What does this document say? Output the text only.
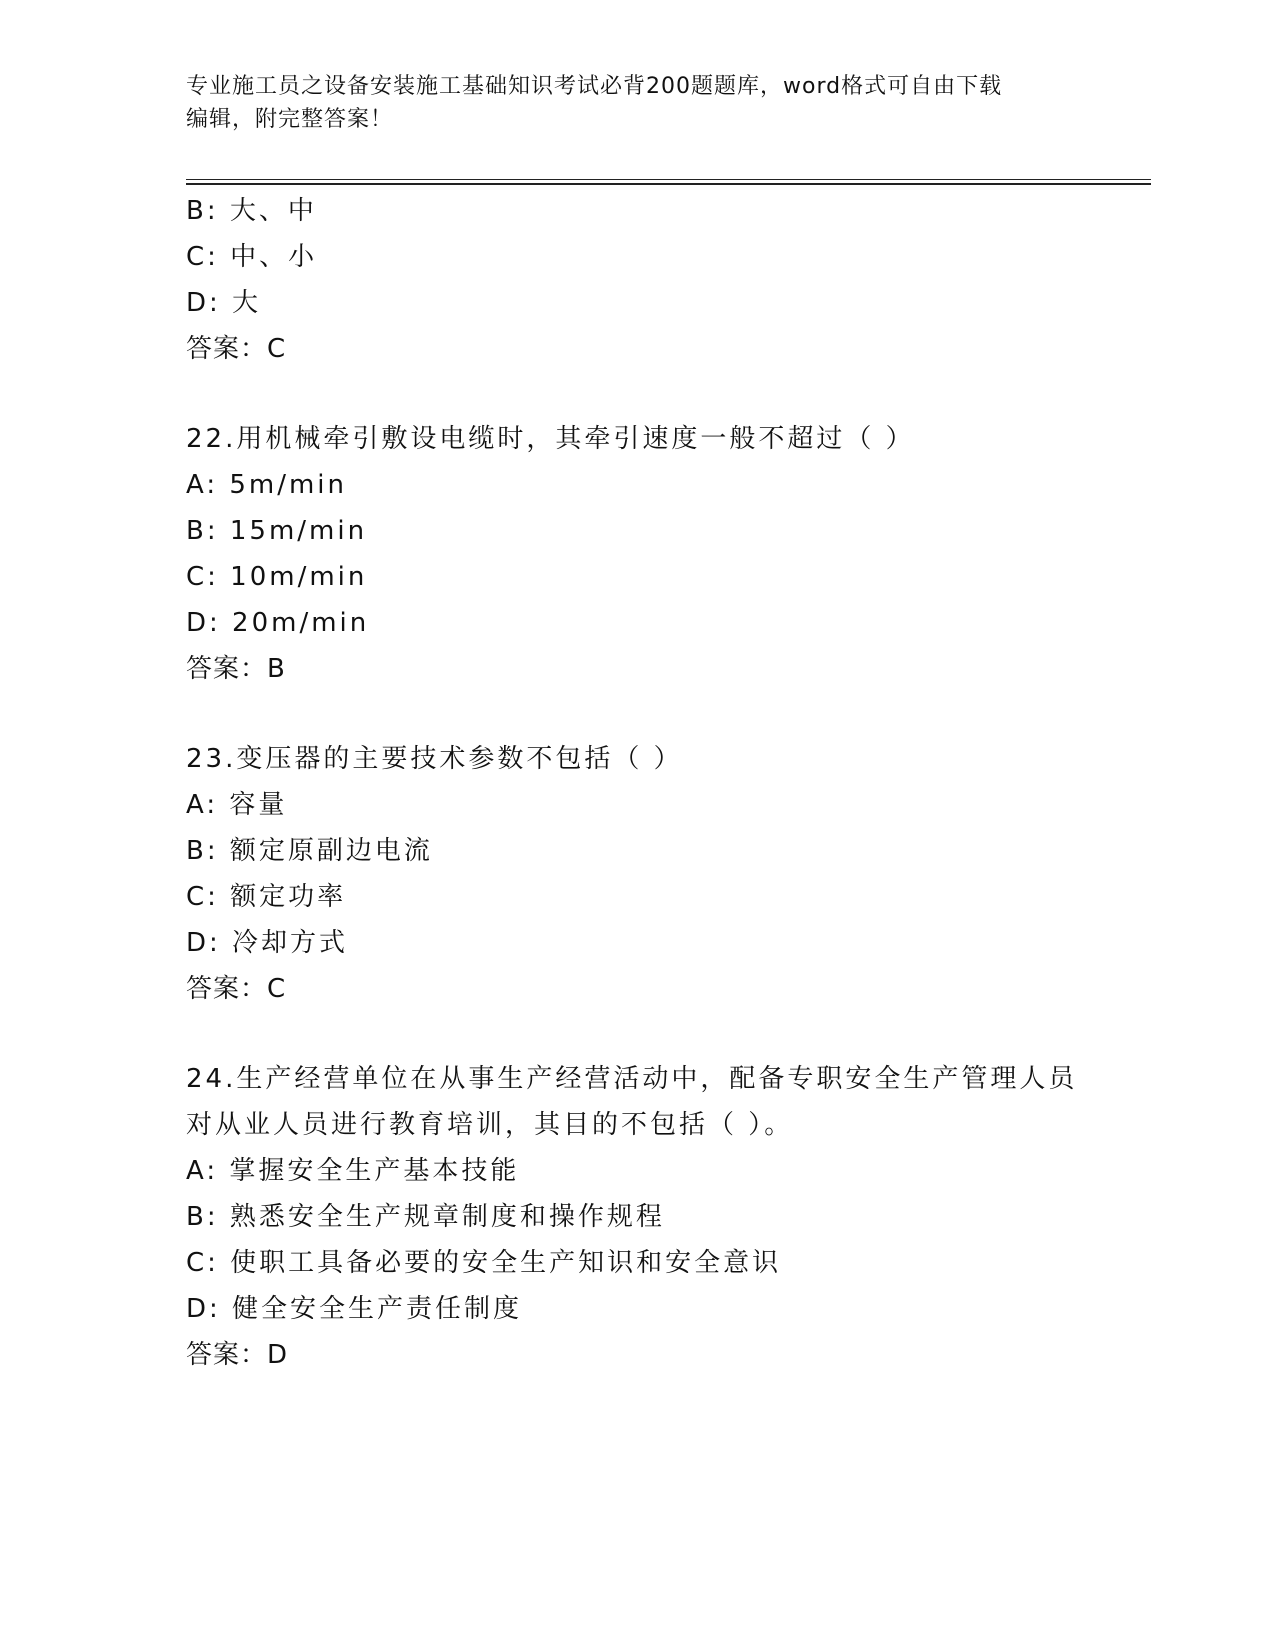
专业施工员之设备安装施工基础知识考试必背200题题库，word格式可自由下载
编辑，附完整答案！
B: 大、中
C: 中、小
D: 大
答案：C
22.用机械牵引敷设电缆时，其牵引速度一般不超过（ ）
A: 5m/min
B: 15m/min
C: 10m/min
D: 20m/min
答案：B
23.变压器的主要技术参数不包括（ ）
A: 容量
B: 额定原副边电流
C: 额定功率
D: 冷却方式
答案：C
24.生产经营单位在从事生产经营活动中，配备专职安全生产管理人员
对从业人员进行教育培训，其目的不包括（ ）。
A: 掌握安全生产基本技能
B: 熟悉安全生产规章制度和操作规程
C: 使职工具备必要的安全生产知识和安全意识
D: 健全安全生产责任制度
答案：D
